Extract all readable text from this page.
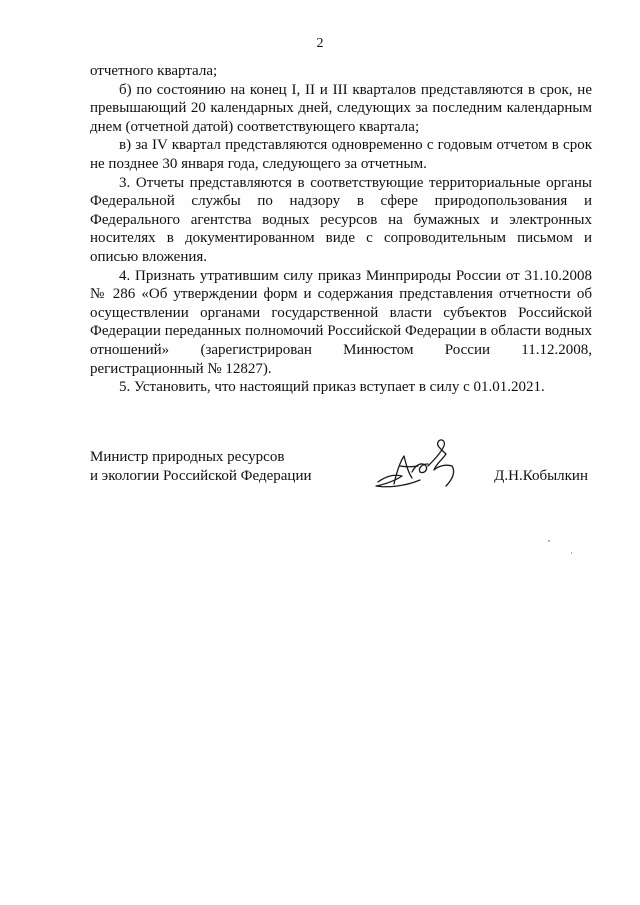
2

отчетного квартала;

б) по состоянию на конец I, II и III кварталов представляются в срок, не превышающий 20 календарных дней, следующих за последним календарным днем (отчетной датой) соответствующего квартала;

в) за IV квартал представляются одновременно с годовым отчетом в срок не позднее 30 января года, следующего за отчетным.

3. Отчеты представляются в соответствующие территориальные органы Федеральной службы по надзору в сфере природопользования и Федерального агентства водных ресурсов на бумажных и электронных носителях в документированном виде с сопроводительным письмом и описью вложения.

4. Признать утратившим силу приказ Минприроды России от 31.10.2008 № 286 «Об утверждении форм и содержания представления отчетности об осуществлении органами государственной власти субъектов Российской Федерации переданных полномочий Российской Федерации в области водных отношений» (зарегистрирован Минюстом России 11.12.2008, регистрационный № 12827).

5. Установить, что настоящий приказ вступает в силу с 01.01.2021.

Министр природных ресурсов
и экологии Российской Федерации	Д.Н.Кобылкин
